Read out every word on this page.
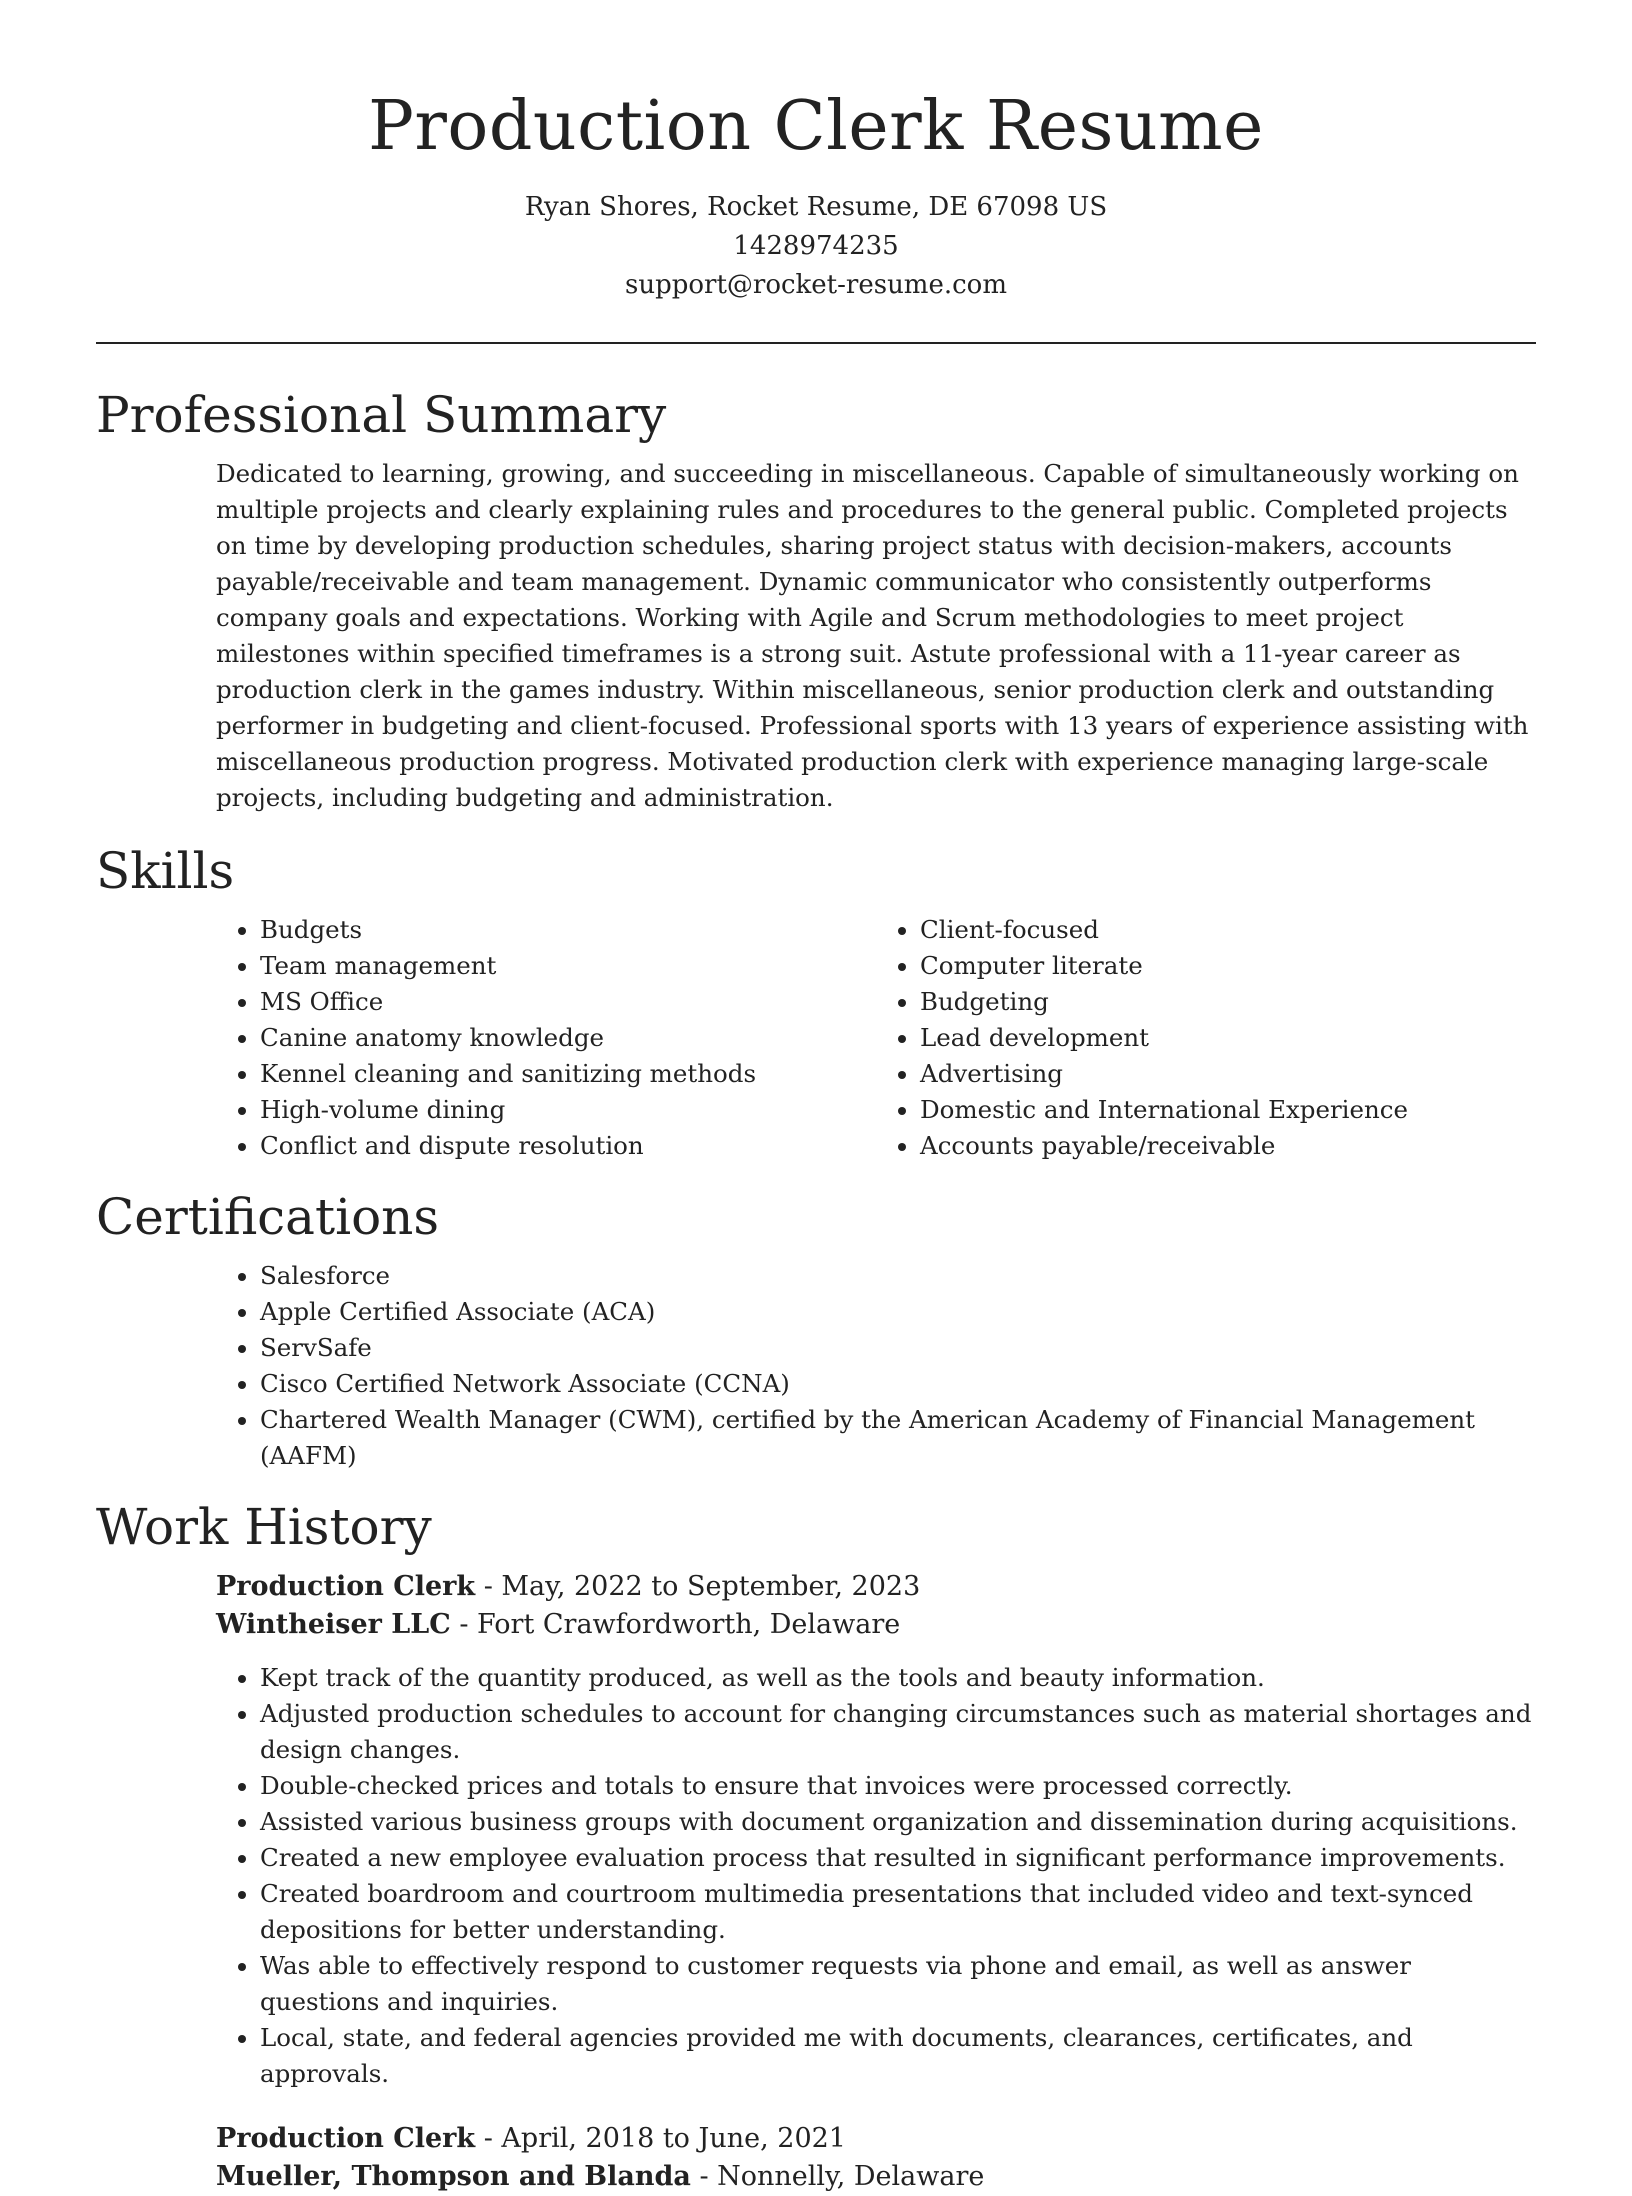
Production Clerk Resume
Ryan Shores, Rocket Resume, DE 67098 US
1428974235
support@rocket-resume.com
Professional Summary

Dedicated to learning, growing, and succeeding in miscellaneous. Capable of simultaneously working on multiple projects and clearly explaining rules and procedures to the general public. Completed projects on time by developing production schedules, sharing project status with decision-makers, accounts payable/receivable and team management. Dynamic communicator who consistently outperforms company goals and expectations. Working with Agile and Scrum methodologies to meet project milestones within specified timeframes is a strong suit. Astute professional with a 11-year career as production clerk in the games industry. Within miscellaneous, senior production clerk and outstanding performer in budgeting and client-focused. Professional sports with 13 years of experience assisting with miscellaneous production progress. Motivated production clerk with experience managing large-scale projects, including budgeting and administration.

Skills
• Budgets
• Team management
• MS Office
• Canine anatomy knowledge
• Kennel cleaning and sanitizing methods
• High-volume dining
• Conflict and dispute resolution
• Client-focused
• Computer literate
• Budgeting
• Lead development
• Advertising
• Domestic and International Experience
• Accounts payable/receivable
Certifications
• Salesforce
• Apple Certified Associate (ACA)
• ServSafe
• Cisco Certified Network Associate (CCNA)
• Chartered Wealth Manager (CWM), certified by the American Academy of Financial Management (AAFM)
Work History
Production Clerk - May, 2022 to September, 2023
Wintheiser LLC - Fort Crawfordworth, Delaware
• Kept track of the quantity produced, as well as the tools and beauty information.
• Adjusted production schedules to account for changing circumstances such as material shortages and design changes.
• Double-checked prices and totals to ensure that invoices were processed correctly.
• Assisted various business groups with document organization and dissemination during acquisitions.
• Created a new employee evaluation process that resulted in significant performance improvements.
• Created boardroom and courtroom multimedia presentations that included video and text-synced depositions for better understanding.
• Was able to effectively respond to customer requests via phone and email, as well as answer questions and inquiries.
• Local, state, and federal agencies provided me with documents, clearances, certificates, and approvals.
Production Clerk - April, 2018 to June, 2021
Mueller, Thompson and Blanda - Nonnelly, Delaware
